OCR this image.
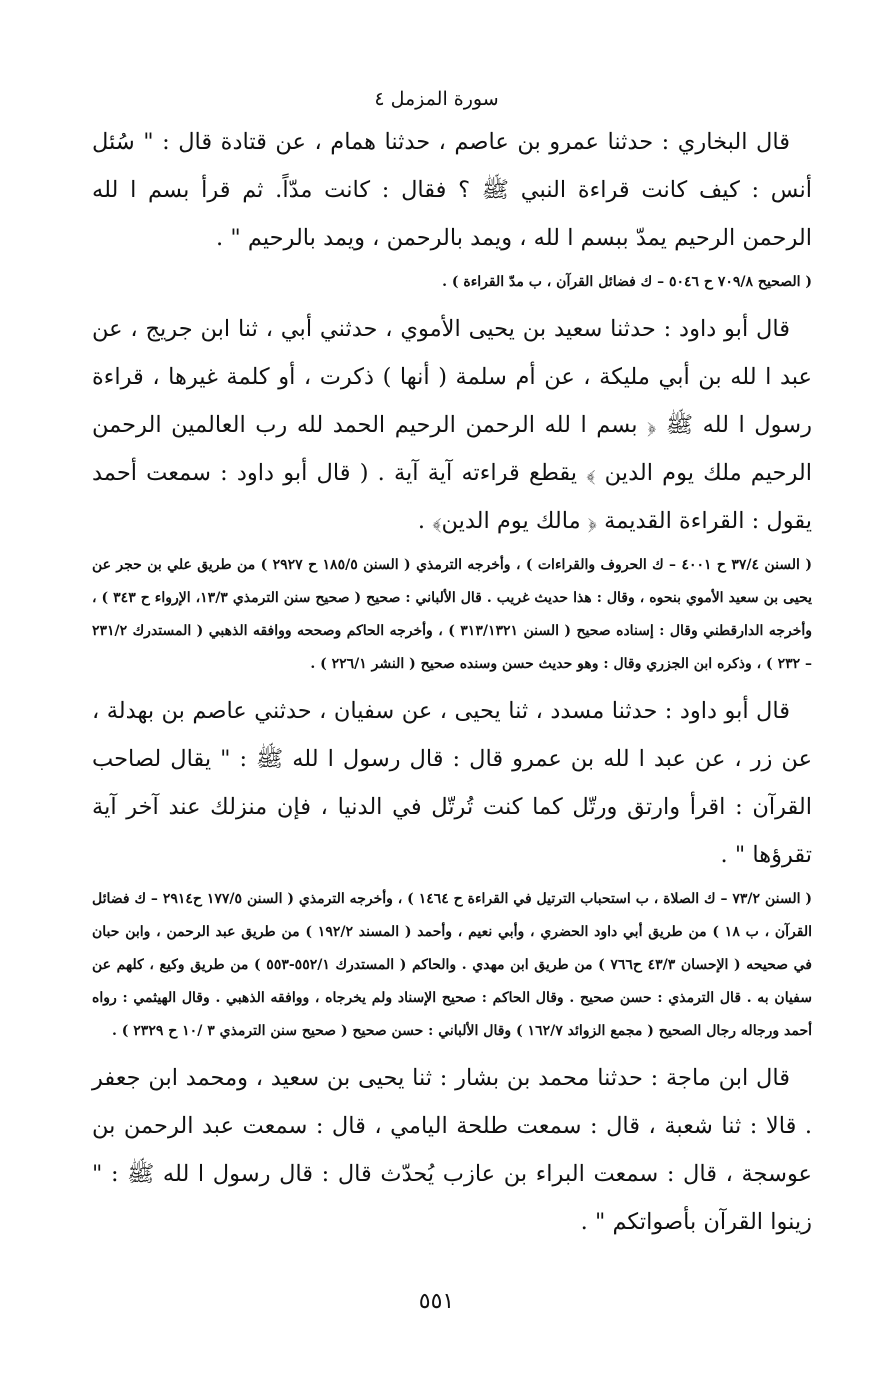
سورة المزمل ٤

قال البخاري : حدثنا عمرو بن عاصم ، حدثنا همام ، عن قتادة قال : " سُئل أنس : كيف كانت قراءة النبي ﷺ ؟ فقال : كانت مدّاً. ثم قرأ بسم ا لله الرحمن الرحيم يمدّ ببسم ا لله ، ويمد بالرحمن ، ويمد بالرحيم " .

( الصحيح ٧٠٩/٨ ح ٥٠٤٦ – ك فضائل القرآن ، ب مدّ القراءة ) .

قال أبو داود : حدثنا سعيد بن يحيى الأموي ، حدثني أبي ، ثنا ابن جريج ، عن عبد ا لله بن أبي مليكة ، عن أم سلمة ( أنها ) ذكرت ، أو كلمة غيرها ، قراءة رسول ا لله ﷺ ﴿ بسم ا لله الرحمن الرحيم الحمد لله رب العالمين الرحمن الرحيم ملك يوم الدين ﴾ يقطع قراءته آية آية . ( قال أبو داود : سمعت أحمد يقول : القراءة القديمة ﴿ مالك يوم الدين﴾ .

( السنن ٣٧/٤ ح ٤٠٠١ – ك الحروف والقراءات ) ، وأخرجه الترمذي ( السنن ١٨٥/٥ ح ٢٩٢٧ ) من طريق علي بن حجر عن يحيى بن سعيد الأموي بنحوه ، وقال : هذا حديث غريب . قال الألباني : صحيح ( صحيح سنن الترمذي ١٣/٣، الإرواء ح ٣٤٣ ) ، وأخرجه الدارقطني وقال : إسناده صحيح ( السنن ٣١٣/١٣٢١ ) ، وأخرجه الحاكم وصححه ووافقه الذهبي ( المستدرك ٢٣١/٢ – ٢٣٢ ) ، وذكره ابن الجزري وقال : وهو حديث حسن وسنده صحيح ( النشر ٢٢٦/١ ) .

قال أبو داود : حدثنا مسدد ، ثنا يحيى ، عن سفيان ، حدثني عاصم بن بهدلة ، عن زر ، عن عبد ا لله بن عمرو قال : قال رسول ا لله ﷺ : " يقال لصاحب القرآن : اقرأ وارتق ورتّل كما كنت تُرتّل في الدنيا ، فإن منزلك عند آخر آية تقرؤها " .

( السنن ٧٣/٢ – ك الصلاة ، ب استحباب الترتيل في القراءة ح ١٤٦٤ ) ، وأخرجه الترمذي ( السنن ١٧٧/٥ ح٢٩١٤ – ك فضائل القرآن ، ب ١٨ ) من طريق أبي داود الحضري ، وأبي نعيم ، وأحمد ( المسند ١٩٢/٢ ) من طريق عبد الرحمن ، وابن حبان في صحيحه ( الإحسان ٤٣/٣ ح٧٦٦ ) من طريق ابن مهدي . والحاكم ( المستدرك ٥٥٢/١-٥٥٣ ) من طريق وكيع ، كلهم عن سفيان به . قال الترمذي : حسن صحيح . وقال الحاكم : صحيح الإسناد ولم يخرجاه ، ووافقه الذهبي . وقال الهيثمي : رواه أحمد ورجاله رجال الصحيح ( مجمع الزوائد ١٦٢/٧ ) وقال الألباني : حسن صحيح ( صحيح سنن الترمذي ٣ /١٠ ح ٢٣٢٩ ) .

قال ابن ماجة : حدثنا محمد بن بشار : ثنا يحيى بن سعيد ، ومحمد ابن جعفر . قالا : ثنا شعبة ، قال : سمعت طلحة اليامي ، قال : سمعت عبد الرحمن بن عوسجة ، قال : سمعت البراء بن عازب يُحدّث قال : قال رسول ا لله ﷺ : " زينوا القرآن بأصواتكم " .

٥٥١
